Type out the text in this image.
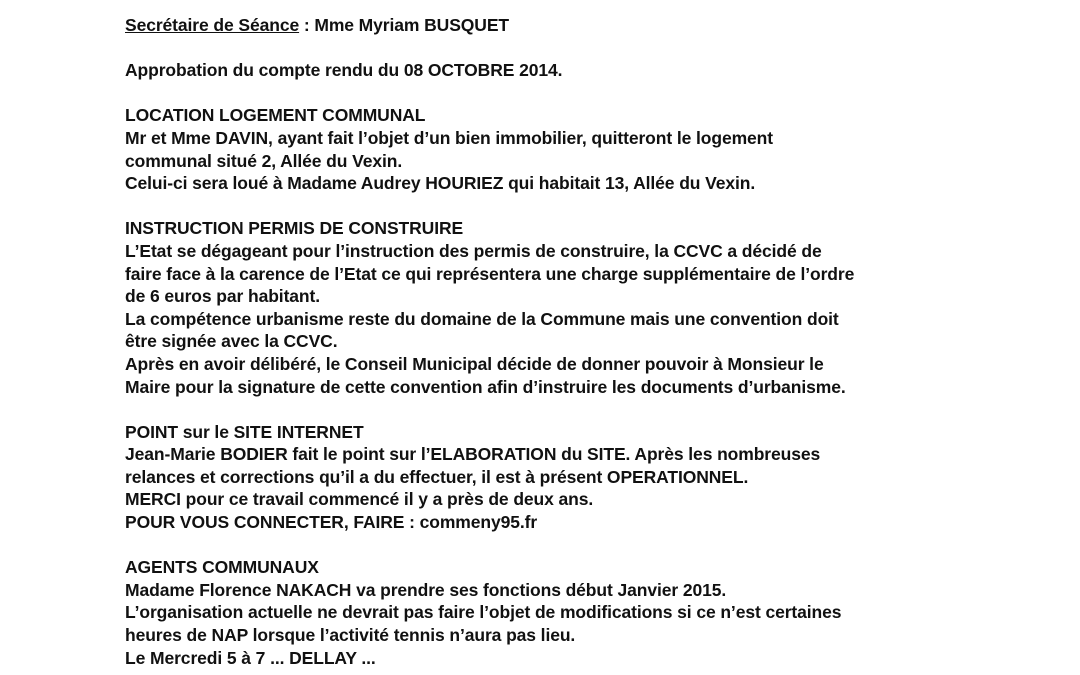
Secrétaire de Séance : Mme Myriam BUSQUET
Approbation du compte rendu du 08 OCTOBRE 2014.
LOCATION LOGEMENT COMMUNAL
Mr et Mme DAVIN, ayant fait l’objet d’un bien immobilier, quitteront le logement
communal situé 2, Allée du Vexin.
Celui-ci sera loué à Madame Audrey HOURIEZ qui habitait 13, Allée du Vexin.
INSTRUCTION PERMIS DE CONSTRUIRE
L’Etat se dégageant pour l’instruction des permis de construire, la CCVC a décidé de
faire face à la carence de l’Etat ce qui représentera une charge supplémentaire de l’ordre
de 6 euros par habitant.
La compétence urbanisme reste du domaine de la Commune mais une convention doit
être signée avec la CCVC.
Après en avoir délibéré, le Conseil Municipal décide de donner pouvoir à Monsieur le
Maire pour la signature de cette convention afin d’instruire les documents d’urbanisme.
POINT sur le SITE INTERNET
Jean-Marie BODIER fait le point sur l’ELABORATION du SITE. Après les nombreuses
relances et corrections qu’il a du effectuer, il est à présent OPERATIONNEL.
MERCI pour ce travail commencé il y a près de deux ans.
POUR VOUS CONNECTER, FAIRE : commeny95.fr
AGENTS COMMUNAUX
Madame Florence NAKACH va prendre ses fonctions début Janvier 2015.
L’organisation actuelle ne devrait pas faire l’objet de modifications si ce n’est certaines
heures de NAP lorsque l’activité tennis n’aura pas lieu.
Le Mercredi 5 à 7 ... DELLAY ...
